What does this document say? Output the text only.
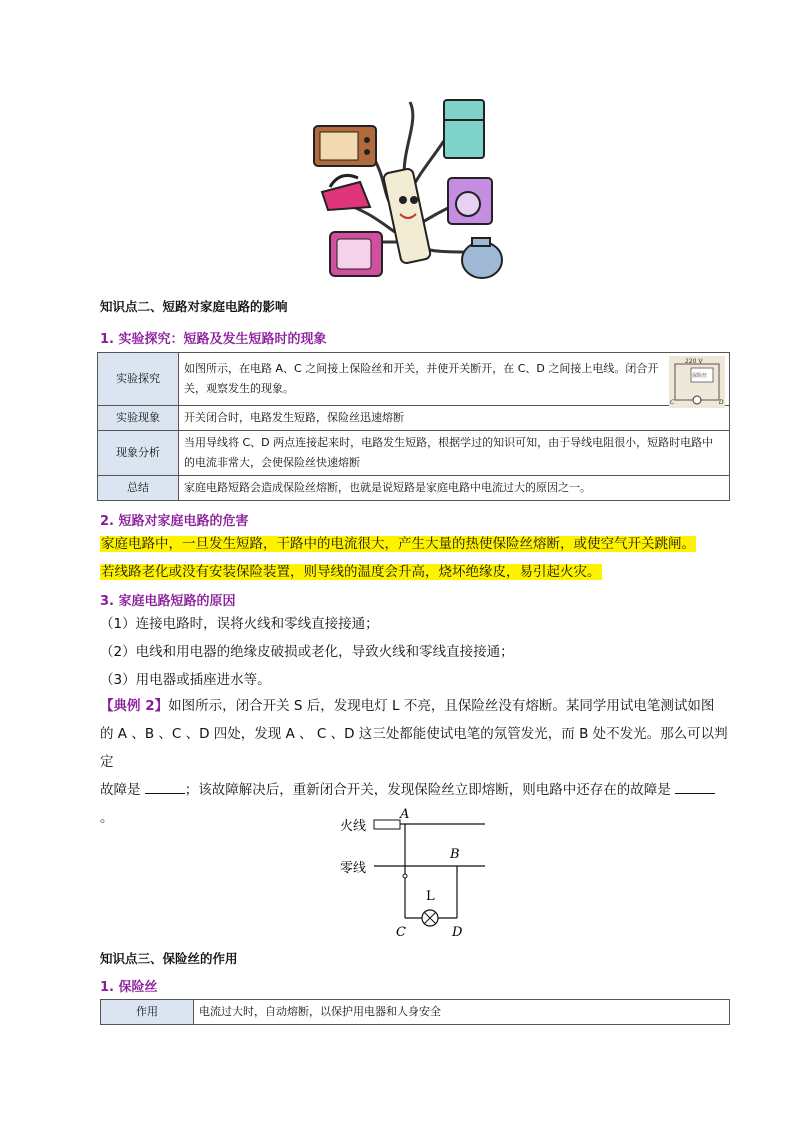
知识点二、短路对家庭电路的影响
1. 实验探究：短路及发生短路时的现象
实验探究	如图所示，在电路 A、C 之间接上保险丝和开关，并使开关断开，在 C、D 之间接上电线。闭合开关，观察发生的现象。
220 V
保险丝
C D

实验现象	开关闭合时，电路发生短路，保险丝迅速熔断
现象分析	当用导线将 C、D 两点连接起来时，电路发生短路，根据学过的知识可知，由于导线电阻很小，短路时电路中的电流非常大，会使保险丝快速熔断
总结	家庭电路短路会造成保险丝熔断，也就是说短路是家庭电路中电流过大的原因之一。
2. 短路对家庭电路的危害
家庭电路中，一旦发生短路，干路中的电流很大，产生大量的热使保险丝熔断，或使空气开关跳闸。
若线路老化或没有安装保险装置，则导线的温度会升高，烧坏绝缘皮，易引起火灾。
3. 家庭电路短路的原因
（1）连接电路时，误将火线和零线直接接通；
（2）电线和用电器的绝缘皮破损或老化，导致火线和零线直接接通；
（3）用电器或插座进水等。
【典例 2】如图所示，闭合开关 S 后，发现电灯 L 不亮，且保险丝没有熔断。某同学用试电笔测试如图
的 A 、B 、C 、D 四处，发现 A 、 C 、D 这三处都能使试电笔的氖管发光，而 B 处不发光。那么可以判定
故障是	；该故障解决后，重新闭合开关，发现保险丝立即熔断，则电路中还存在的故障是
。
火线
零线
A
B
L
C	D
知识点三、保险丝的作用
1. 保险丝
作用	电流过大时，自动熔断，以保护用电器和人身安全
